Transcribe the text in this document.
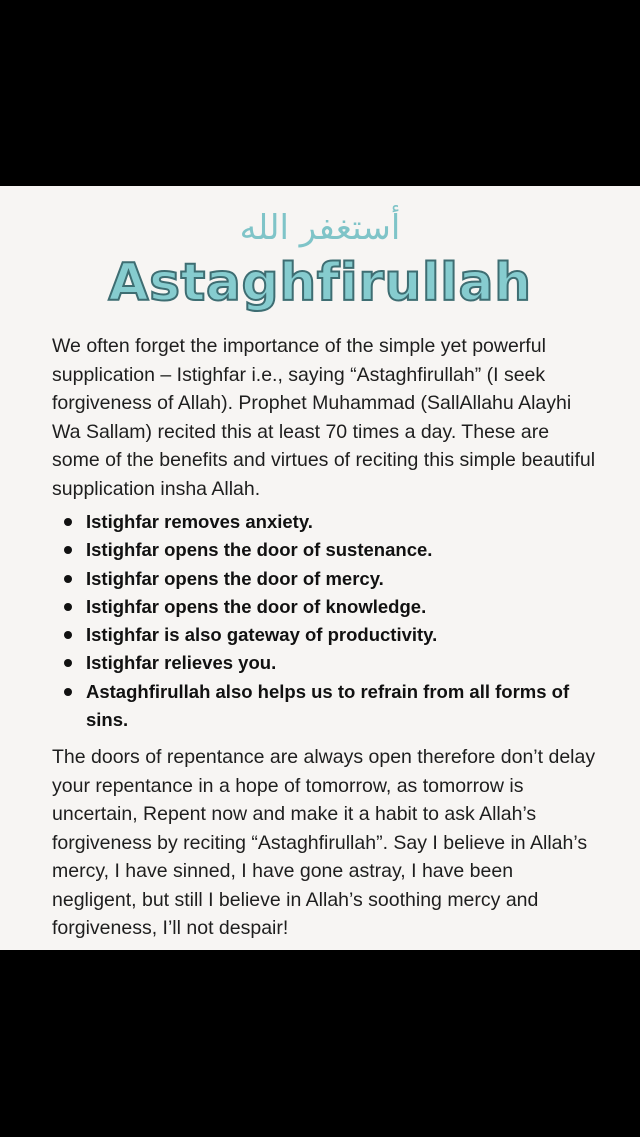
أستغفر الله
Astaghfirullah

We often forget the importance of the simple yet powerful supplication – Istighfar i.e., saying “Astaghfirullah” (I seek forgiveness of Allah). Prophet Muhammad (SallAllahu Alayhi Wa Sallam) recited this at least 70 times a day. These are some of the benefits and virtues of reciting this simple beautiful supplication insha Allah.

Istighfar removes anxiety.
Istighfar opens the door of sustenance.
Istighfar opens the door of mercy.
Istighfar opens the door of knowledge.
Istighfar is also gateway of productivity.
Istighfar relieves you.
Astaghfirullah also helps us to refrain from all forms of sins.

The doors of repentance are always open therefore don’t delay your repentance in a hope of tomorrow, as tomorrow is uncertain, Repent now and make it a habit to ask Allah’s forgiveness by reciting “Astaghfirullah”. Say I believe in Allah’s mercy, I have sinned, I have gone astray, I have been negligent, but still I believe in Allah’s soothing mercy and forgiveness, I’ll not despair!
